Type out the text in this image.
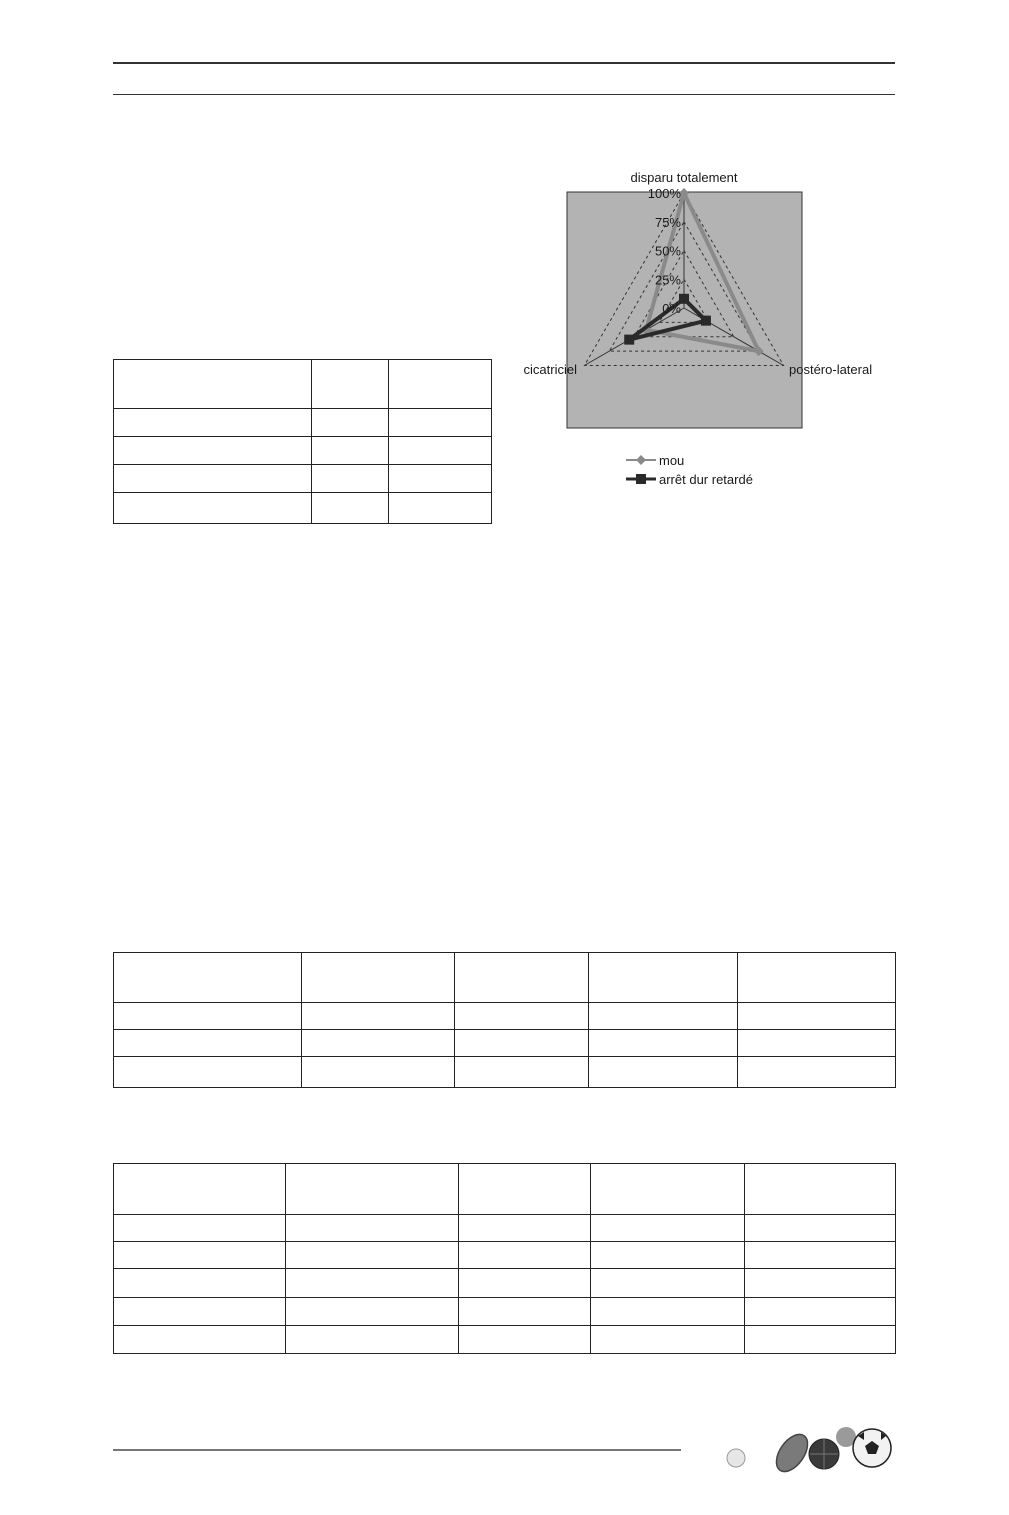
0%
25%
50%
75%
100%
disparu totalement
postéro-lateral
cicatriciel
mou
arrêt dur retardé
